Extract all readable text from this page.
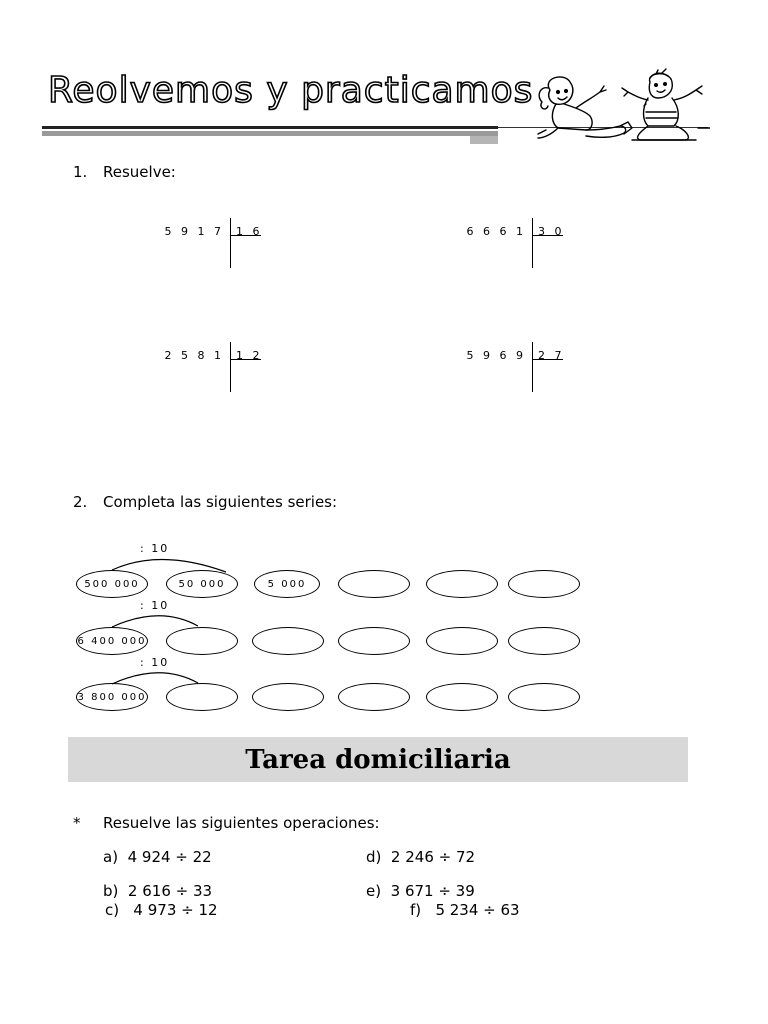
Reolvemos y practicamos
1. Resuelve:
5 9 1 7 1 6	6 6 6 1 3 0
2 5 8 1 1 2	5 9 6 9 2 7
2. Completa las siguientes series:
: 10
: 10
: 10
500 000	50 000	5 000
6 400 000
3 800 000
Tarea domiciliaria
* Resuelve las siguientes operaciones:
a) 4 924 ÷ 22	d) 2 246 ÷ 72
b) 2 616 ÷ 33	e) 3 671 ÷ 39
c) 4 973 ÷ 12	f) 5 234 ÷ 63
